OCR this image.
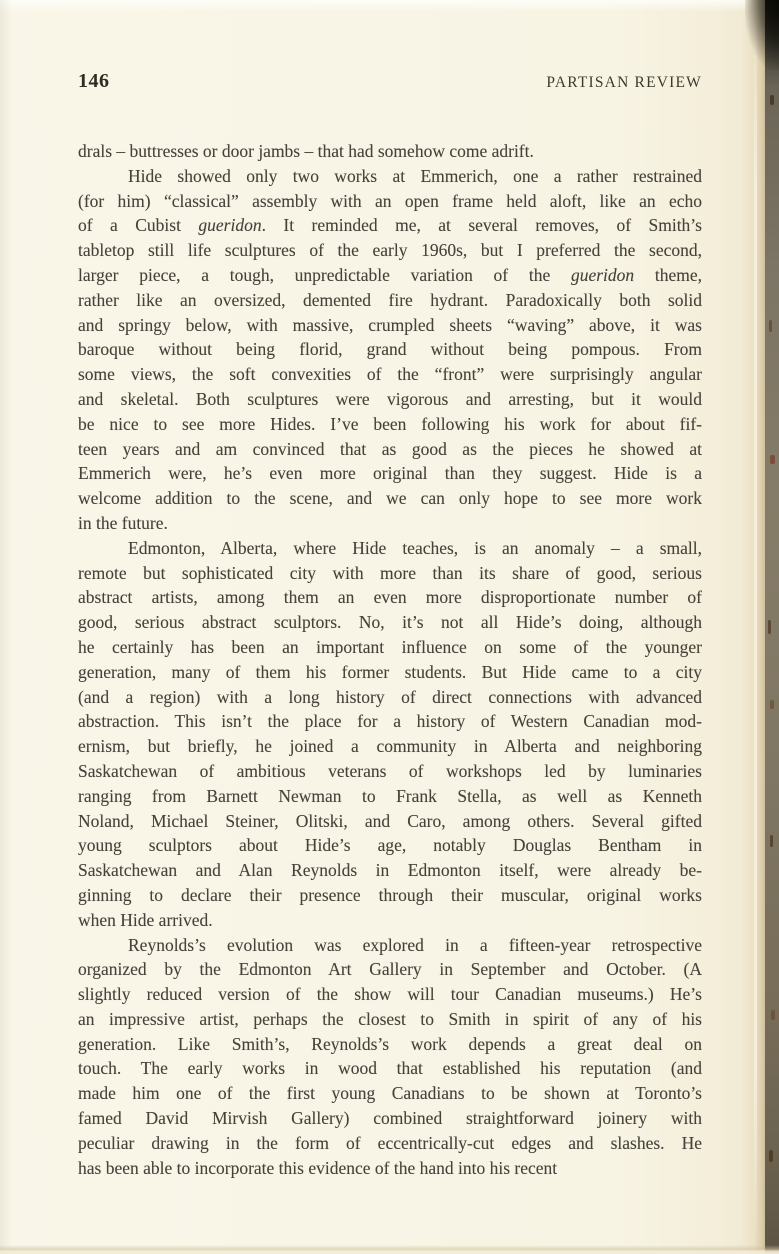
146	PARTISAN REVIEW
drals – buttresses or door jambs – that had somehow come adrift.
Hide showed only two works at Emmerich, one a rather restrained
(for him) “classical” assembly with an open frame held aloft, like an echo
of a Cubist gueridon. It reminded me, at several removes, of Smith’s
tabletop still life sculptures of the early 1960s, but I preferred the second,
larger piece, a tough, unpredictable variation of the gueridon theme,
rather like an oversized, demented fire hydrant. Paradoxically both solid
and springy below, with massive, crumpled sheets “waving” above, it was
baroque without being florid, grand without being pompous. From
some views, the soft convexities of the “front” were surprisingly angular
and skeletal. Both sculptures were vigorous and arresting, but it would
be nice to see more Hides. I’ve been following his work for about fif-
teen years and am convinced that as good as the pieces he showed at
Emmerich were, he’s even more original than they suggest. Hide is a
welcome addition to the scene, and we can only hope to see more work
in the future.
Edmonton, Alberta, where Hide teaches, is an anomaly – a small,
remote but sophisticated city with more than its share of good, serious
abstract artists, among them an even more disproportionate number of
good, serious abstract sculptors. No, it’s not all Hide’s doing, although
he certainly has been an important influence on some of the younger
generation, many of them his former students. But Hide came to a city
(and a region) with a long history of direct connections with advanced
abstraction. This isn’t the place for a history of Western Canadian mod-
ernism, but briefly, he joined a community in Alberta and neighboring
Saskatchewan of ambitious veterans of workshops led by luminaries
ranging from Barnett Newman to Frank Stella, as well as Kenneth
Noland, Michael Steiner, Olitski, and Caro, among others. Several gifted
young sculptors about Hide’s age, notably Douglas Bentham in
Saskatchewan and Alan Reynolds in Edmonton itself, were already be-
ginning to declare their presence through their muscular, original works
when Hide arrived.
Reynolds’s evolution was explored in a fifteen-year retrospective
organized by the Edmonton Art Gallery in September and October. (A
slightly reduced version of the show will tour Canadian museums.) He’s
an impressive artist, perhaps the closest to Smith in spirit of any of his
generation. Like Smith’s, Reynolds’s work depends a great deal on
touch. The early works in wood that established his reputation (and
made him one of the first young Canadians to be shown at Toronto’s
famed David Mirvish Gallery) combined straightforward joinery with
peculiar drawing in the form of eccentrically-cut edges and slashes. He
has been able to incorporate this evidence of the hand into his recent
